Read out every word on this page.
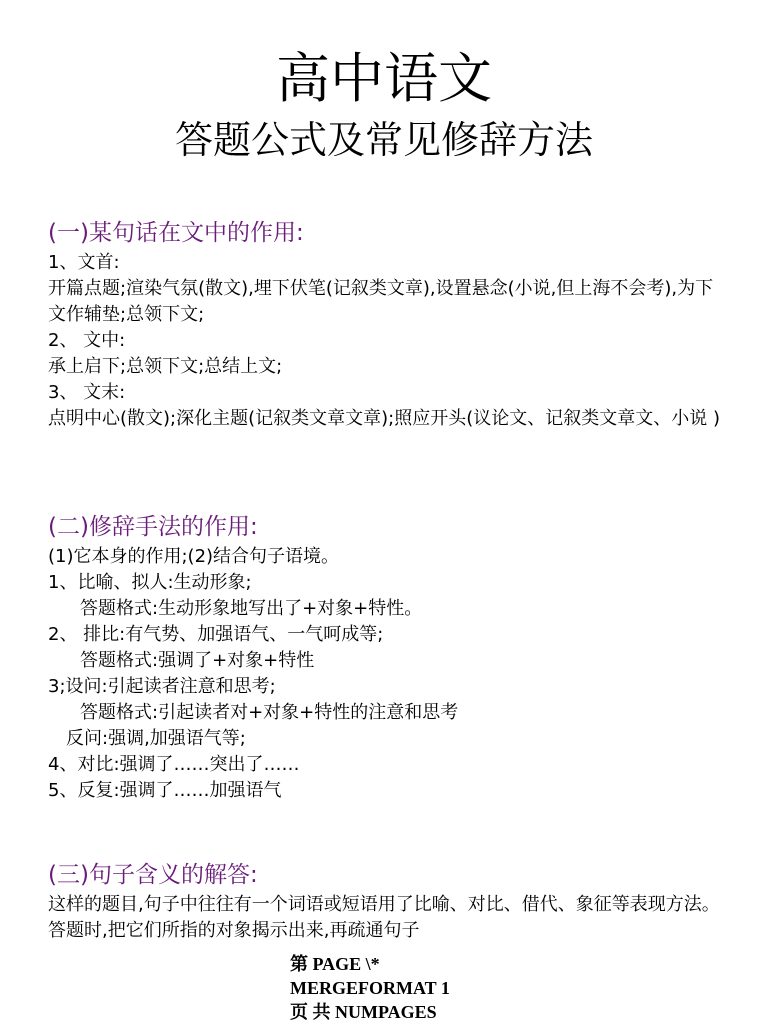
高中语文
答题公式及常见修辞方法
(一)某句话在文中的作用:

1、文首:

开篇点题;渲染气氛(散文),埋下伏笔(记叙类文章),设置悬念(小说,但上海不会考),为下文作辅垫;总领下文;

2、 文中:

承上启下;总领下文;总结上文;

3、 文末:

点明中心(散文);深化主题(记叙类文章文章);照应开头(议论文、记叙类文章文、小说 )

(二)修辞手法的作用:

(1)它本身的作用;(2)结合句子语境。

1、比喻、拟人:生动形象;

答题格式:生动形象地写出了+对象+特性。

2、 排比:有气势、加强语气、一气呵成等;

答题格式:强调了+对象+特性

3;设问:引起读者注意和思考;

答题格式:引起读者对+对象+特性的注意和思考

反问:强调,加强语气等;

4、对比:强调了……突出了……

5、反复:强调了……加强语气

(三)句子含义的解答:

这样的题目,句子中往往有一个词语或短语用了比喻、对比、借代、象征等表现方法。答题时,把它们所指的对象揭示出来,再疏通句子

第 PAGE \*
MERGEFORMAT 1
页 共 NUMPAGES
